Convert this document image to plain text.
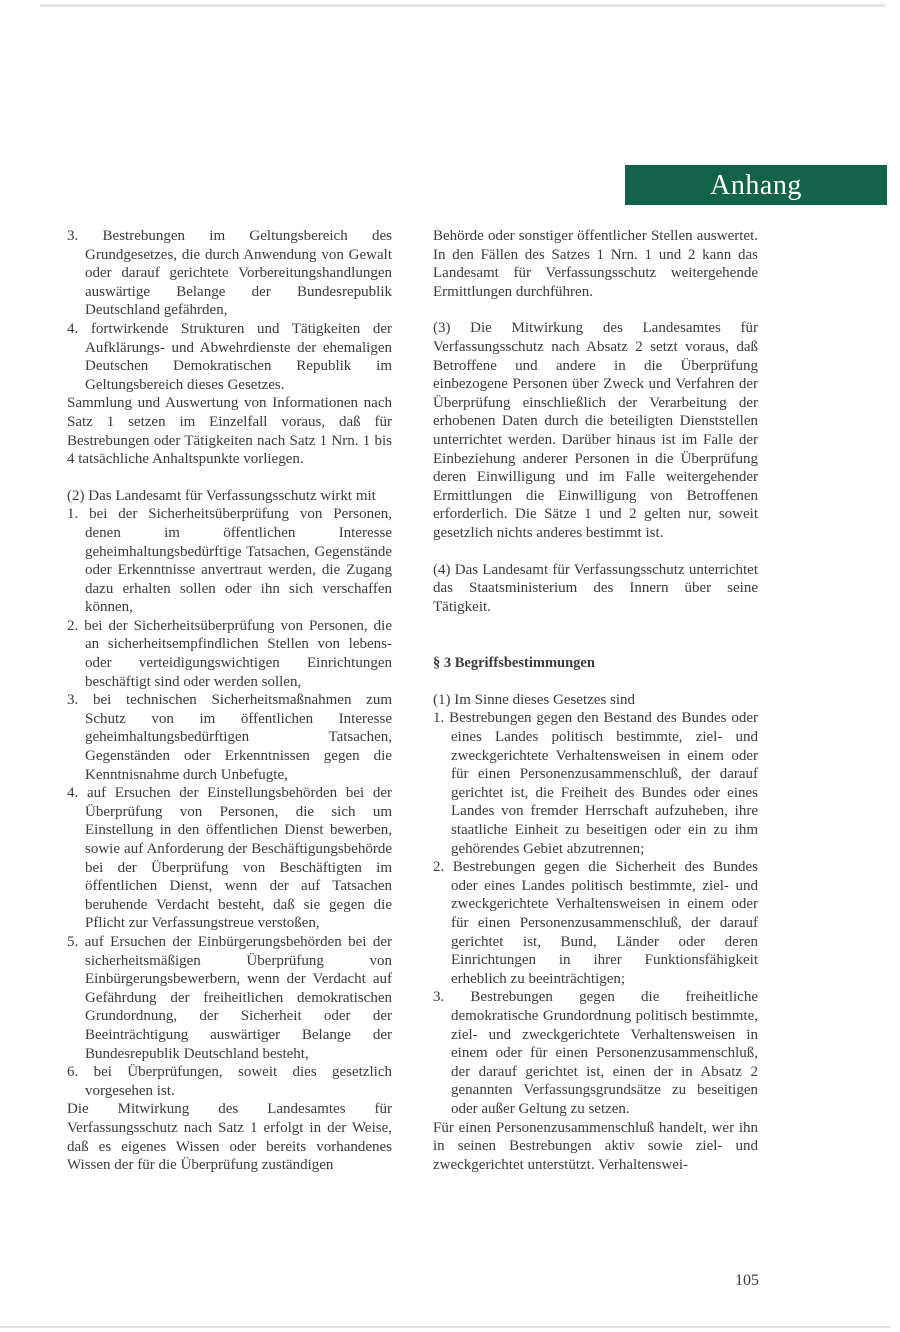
Anhang

3. Bestrebungen im Geltungsbereich des Grundgesetzes, die durch Anwendung von Gewalt oder darauf gerichtete Vorbereitungshandlungen auswärtige Belange der Bundesrepublik Deutschland gefährden,

4. fortwirkende Strukturen und Tätigkeiten der Aufklärungs- und Abwehrdienste der ehemaligen Deutschen Demokratischen Republik im Geltungsbereich dieses Gesetzes.

Sammlung und Auswertung von Informationen nach Satz 1 setzen im Einzelfall voraus, daß für Bestrebungen oder Tätigkeiten nach Satz 1 Nrn. 1 bis 4 tatsächliche Anhaltspunkte vorliegen.

(2) Das Landesamt für Verfassungsschutz wirkt mit

1. bei der Sicherheitsüberprüfung von Personen, denen im öffentlichen Interesse geheimhaltungsbedürftige Tatsachen, Gegenstände oder Erkenntnisse anvertraut werden, die Zugang dazu erhalten sollen oder ihn sich verschaffen können,

2. bei der Sicherheitsüberprüfung von Personen, die an sicherheitsempfindlichen Stellen von lebens- oder verteidigungswichtigen Einrichtungen beschäftigt sind oder werden sollen,

3. bei technischen Sicherheitsmaßnahmen zum Schutz von im öffentlichen Interesse geheimhaltungsbedürftigen Tatsachen, Gegenständen oder Erkenntnissen gegen die Kenntnisnahme durch Unbefugte,

4. auf Ersuchen der Einstellungsbehörden bei der Überprüfung von Personen, die sich um Einstellung in den öffentlichen Dienst bewerben, sowie auf Anforderung der Beschäftigungsbehörde bei der Überprüfung von Beschäftigten im öffentlichen Dienst, wenn der auf Tatsachen beruhende Verdacht besteht, daß sie gegen die Pflicht zur Verfassungstreue verstoßen,

5. auf Ersuchen der Einbürgerungsbehörden bei der sicherheitsmäßigen Überprüfung von Einbürgerungsbewerbern, wenn der Verdacht auf Gefährdung der freiheitlichen demokratischen Grundordnung, der Sicherheit oder der Beeinträchtigung auswärtiger Belange der Bundesrepublik Deutschland besteht,

6. bei Überprüfungen, soweit dies gesetzlich vorgesehen ist.

Die Mitwirkung des Landesamtes für Verfassungsschutz nach Satz 1 erfolgt in der Weise, daß es eigenes Wissen oder bereits vorhandenes Wissen der für die Überprüfung zuständigen

Behörde oder sonstiger öffentlicher Stellen auswertet. In den Fällen des Satzes 1 Nrn. 1 und 2 kann das Landesamt für Verfassungsschutz weitergehende Ermittlungen durchführen.

(3) Die Mitwirkung des Landesamtes für Verfassungsschutz nach Absatz 2 setzt voraus, daß Betroffene und andere in die Überprüfung einbezogene Personen über Zweck und Verfahren der Überprüfung einschließlich der Verarbeitung der erhobenen Daten durch die beteiligten Dienststellen unterrichtet werden. Darüber hinaus ist im Falle der Einbeziehung anderer Personen in die Überprüfung deren Einwilligung und im Falle weitergehender Ermittlungen die Einwilligung von Betroffenen erforderlich. Die Sätze 1 und 2 gelten nur, soweit gesetzlich nichts anderes bestimmt ist.

(4) Das Landesamt für Verfassungsschutz unterrichtet das Staatsministerium des Innern über seine Tätigkeit.

§ 3 Begriffsbestimmungen

(1) Im Sinne dieses Gesetzes sind

1. Bestrebungen gegen den Bestand des Bundes oder eines Landes politisch bestimmte, ziel- und zweckgerichtete Verhaltensweisen in einem oder für einen Personenzusammenschluß, der darauf gerichtet ist, die Freiheit des Bundes oder eines Landes von fremder Herrschaft aufzuheben, ihre staatliche Einheit zu beseitigen oder ein zu ihm gehörendes Gebiet abzutrennen;

2. Bestrebungen gegen die Sicherheit des Bundes oder eines Landes politisch bestimmte, ziel- und zweckgerichtete Verhaltensweisen in einem oder für einen Personenzusammenschluß, der darauf gerichtet ist, Bund, Länder oder deren Einrichtungen in ihrer Funktionsfähigkeit erheblich zu beeinträchtigen;

3. Bestrebungen gegen die freiheitliche demokratische Grundordnung politisch bestimmte, ziel- und zweckgerichtete Verhaltensweisen in einem oder für einen Personenzusammenschluß, der darauf gerichtet ist, einen der in Absatz 2 genannten Verfassungsgrundsätze zu beseitigen oder außer Geltung zu setzen.

Für einen Personenzusammenschluß handelt, wer ihn in seinen Bestrebungen aktiv sowie ziel- und zweckgerichtet unterstützt. Verhaltenswei-

105
